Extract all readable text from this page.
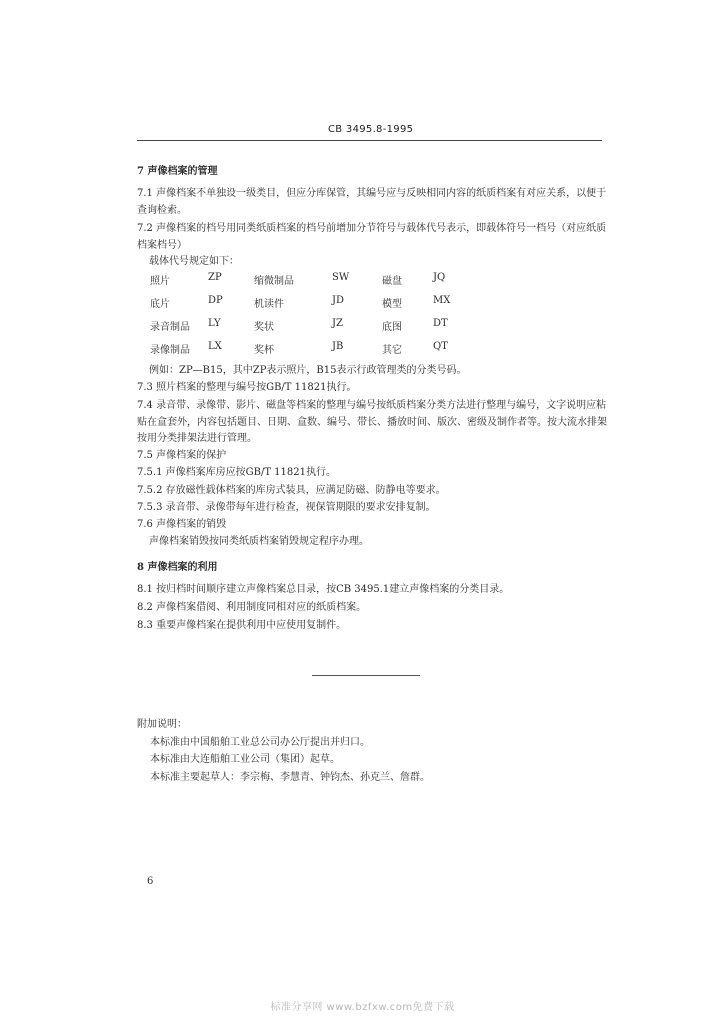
CB 3495.8-1995
7 声像档案的管理
7.1 声像档案不单独设一级类目，但应分库保管，其编号应与反映相同内容的纸质档案有对应关系，以便于查询检索。
7.2 声像档案的档号用同类纸质档案的档号前增加分节符号与载体代号表示，即载体符号一档号（对应纸质档案档号）
载体代号规定如下：
照片	ZP	缩微制品	SW	磁盘	JQ
底片	DP	机读件	JD	模型	MX
录音制品 LY	奖状	JZ	底图	DT
录像制品 LX	奖杯	JB	其它	QT
例如：ZP—B15，其中ZP表示照片，B15表示行政管理类的分类号码。
7.3 照片档案的整理与编号按GB/T 11821执行。
7.4 录音带、录像带、影片、磁盘等档案的整理与编号按纸质档案分类方法进行整理与编号，文字说明应粘贴在盒套外，内容包括题目、日期、盒数、编号、带长、播放时间、版次、密级及制作者等。按大流水排架按用分类排架法进行管理。
7.5 声像档案的保护
7.5.1 声像档案库房应按GB/T 11821执行。
7.5.2 存放磁性载体档案的库房式装具，应满足防磁、防静电等要求。
7.5.3 录音带、录像带每年进行检查，视保管期限的要求安排复制。
7.6 声像档案的销毁
声像档案销毁按同类纸质档案销毁规定程序办理。
8 声像档案的利用
8.1 按归档时间顺序建立声像档案总目录，按CB 3495.1建立声像档案的分类目录。
8.2 声像档案借阅、利用制度同相对应的纸质档案。
8.3 重要声像档案在提供利用中应使用复制件。
附加说明：
本标准由中国船舶工业总公司办公厅提出并归口。
本标准由大连船舶工业公司（集团）起草。
本标准主要起草人：李宗梅、李慧青、钟钧杰、孙克兰、詹群。
6
标准分享网 www.bzfxw.com免费下载
